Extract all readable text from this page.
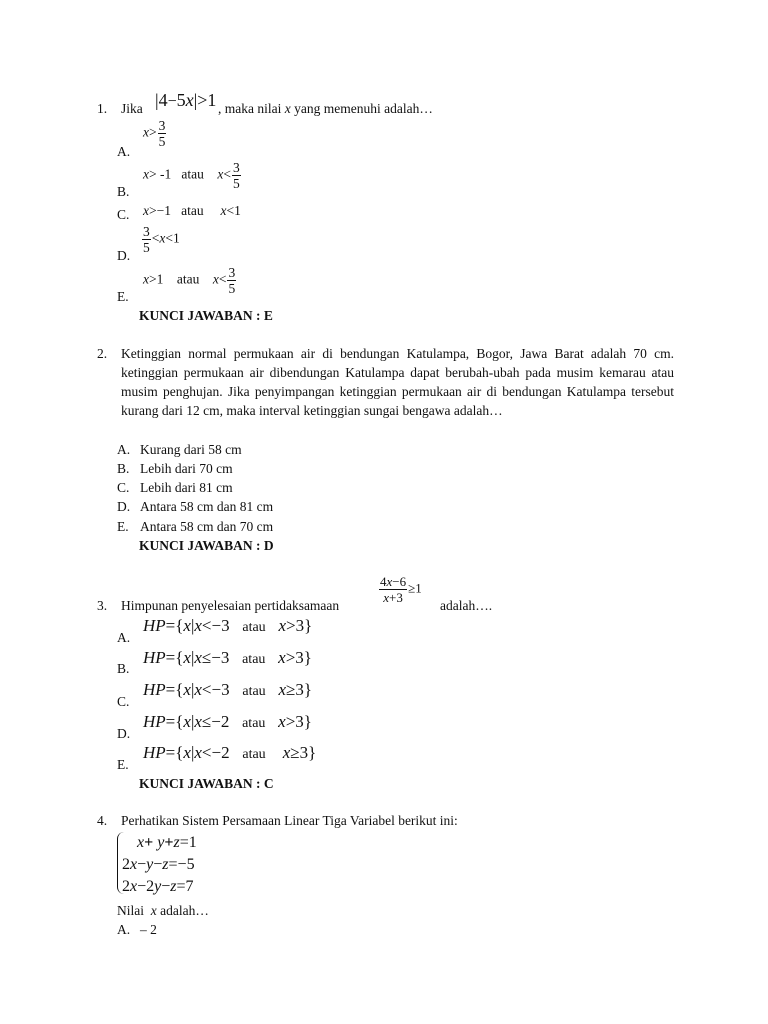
1.	Jika |4−5x|>1 , maka nilai x yang memenuhi adalah…
A.
$x> \frac{3}{5}$
B.
x> -1   atau    $x< \frac{3}{5}$
C.	x>−1   atau     x<1
D.
$\frac{3}{5} <x<1$
E.
x>1    atau    $x< \frac{3}{5}$
KUNCI JAWABAN : E
2.	Ketinggian normal permukaan air di bendungan Katulampa, Bogor, Jawa Barat adalah 70 cm. ketinggian permukaan air dibendungan Katulampa dapat berubah-ubah pada musim kemarau atau musim penghujan. Jika penyimpangan ketinggian permukaan air di bendungan Katulampa tersebut kurang dari 12 cm, maka interval ketinggian sungai bengawa adalah…
A. Kurang dari 58 cm
B. Lebih dari 70 cm
C. Lebih dari 81 cm
D. Antara 58 cm dan 81 cm
E. Antara 58 cm dan 70 cm
KUNCI JAWABAN : D
3.	Himpunan penyelesaian pertidaksamaan
$\frac{4x-6}{x+3} \ge 1$
adalah….
A.
HP={x|x<−3   atau x>3}
B.
HP={x|x≤−3   atau x>3}
C.
HP={x|x<−3   atau x≥3}
D.
HP={x|x≤−2   atau x>3}
E.
HP={x|x<−2   atau x≥3}
KUNCI JAWABAN : C
4.	Perhatikan Sistem Persamaan Linear Tiga Variabel berikut ini:
x+ y+z=1
2x−y−z=−5
2x−2y−z=7
Nilai  x adalah…
A. – 2
